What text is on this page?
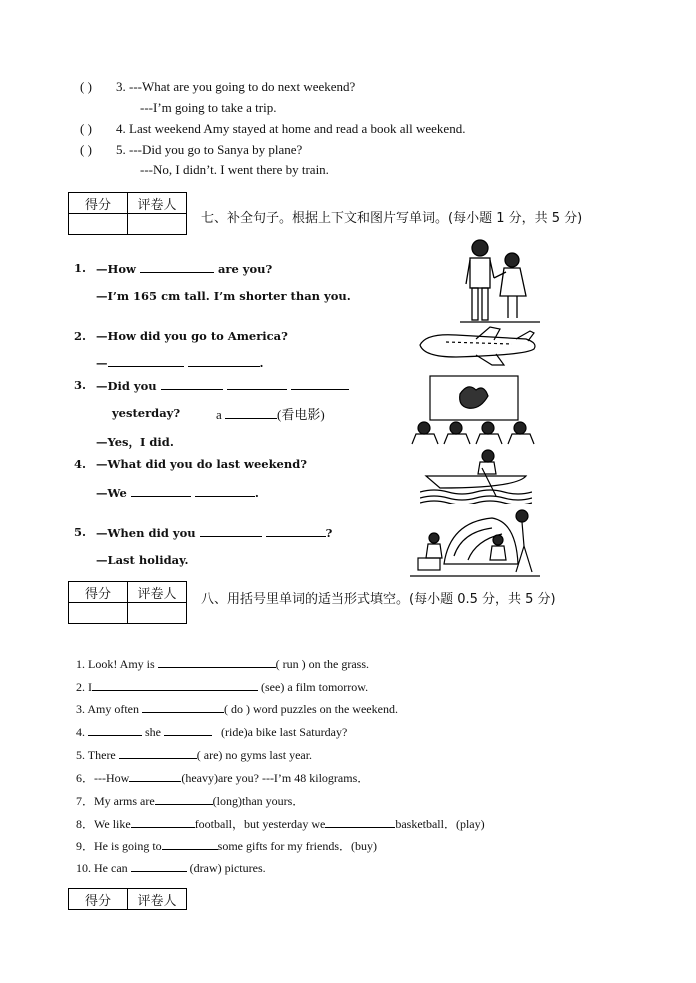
( ) 3. ---What are you going to do next weekend?
---I’m going to take a trip.
( ) 4. Last weekend Amy stayed at home and read a book all weekend.
( ) 5. ---Did you go to Sanya by plane?
---No, I didn’t. I went there by train.
得分	评卷人

七、补全句子。根据上下文和图片写单词。(每小题 1 分，共 5 分)
1. —How	are you?
—I’m 165 cm tall. I’m shorter than you.
2. —How did you go to America?
—	.
3. —Did you
yesterday?	a	(看电影)
—Yes，I did.
4. —What did you do last weekend?
—We	.
5. —When did you	?
—Last holiday.
得分	评卷人
	八、用括号里单词的适当形式填空。(每小题 0.5 分，共 5 分)
1. Look! Amy is	( run ) on the grass.
2. I	(see) a film tomorrow.
3. Amy often	( do ) word puzzles on the weekend.
4.	she	(ride)a bike last Saturday?
5. There	( are) no gyms last year.
6．---How	(heavy)are you? ---I’m 48 kilograms．
7．My arms are	(long)than yours．
8．We like	football，but yesterday we	basketball．(play)
9．He is going to	some gifts for my friends．(buy)
10. He can	(draw) pictures.
得分	评卷人
